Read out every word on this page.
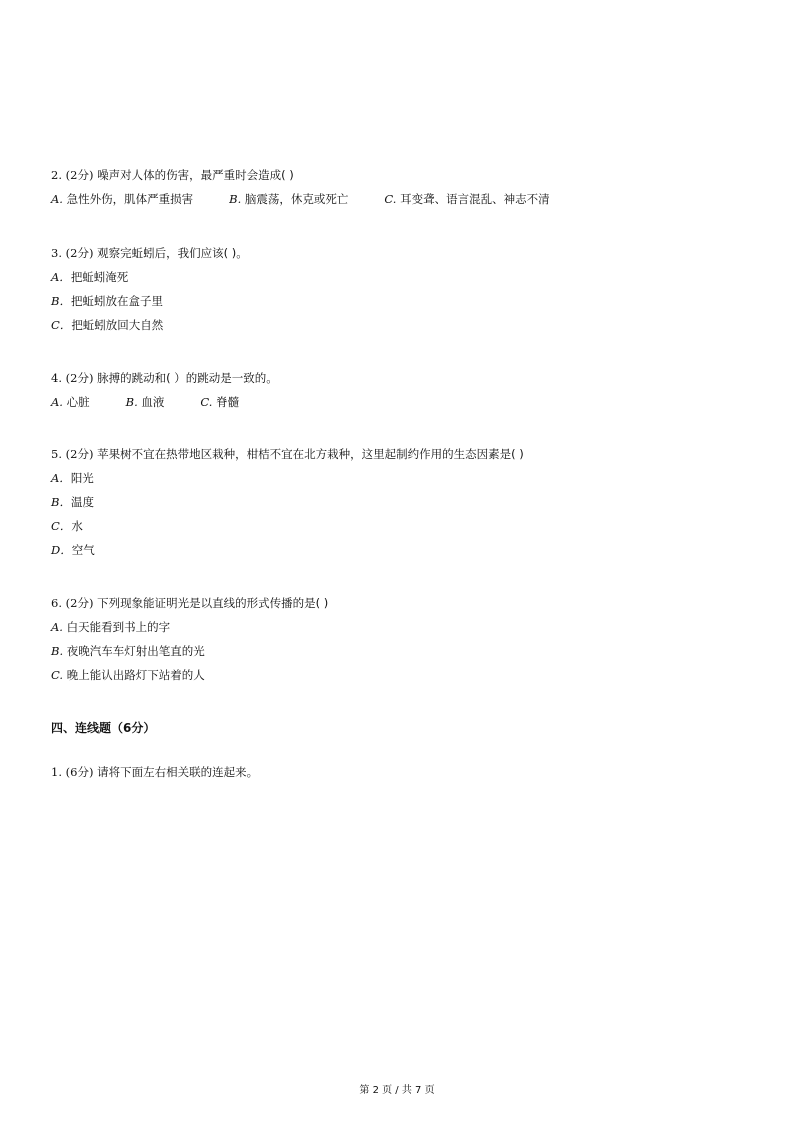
2. (2分) 噪声对人体的伤害，最严重时会造成( )
A. 急性外伤，肌体严重损害	B. 脑震荡，休克或死亡	C. 耳变聋、语言混乱、神志不清
3. (2分) 观察完蚯蚓后，我们应该( )。
A．把蚯蚓淹死
B．把蚯蚓放在盒子里
C．把蚯蚓放回大自然
4. (2分) 脉搏的跳动和( ）的跳动是一致的。
A. 心脏	B. 血液	C. 脊髓
5. (2分) 苹果树不宜在热带地区栽种，柑桔不宜在北方栽种，这里起制约作用的生态因素是( )
A．阳光
B．温度
C．水
D．空气
6. (2分) 下列现象能证明光是以直线的形式传播的是( )
A. 白天能看到书上的字
B. 夜晚汽车车灯射出笔直的光
C. 晚上能认出路灯下站着的人
四、连线题（6分）
1. (6分) 请将下面左右相关联的连起来。
第 2 页 / 共 7 页
